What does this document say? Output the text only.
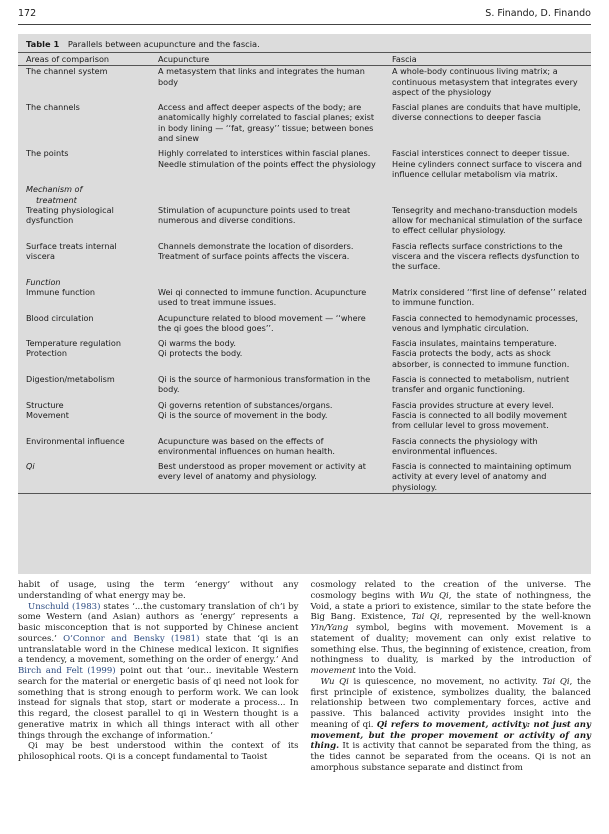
172	S. Finando, D. Finando
Table 1 Parallels between acupuncture and the fascia.
Areas of comparison	Acupuncture	Fascia
The channel system	A metasystem that links and integrates the human body	A whole-body continuous living matrix; a continuous metasystem that integrates every aspect of the physiology
The channels	Access and affect deeper aspects of the body; are anatomically highly correlated to fascial planes; exist in body lining — ‘‘fat, greasy’’ tissue; between bones and sinew	Fascial planes are conduits that have multiple, diverse connections to deeper fascia
The points	Highly correlated to interstices within fascial planes. Needle stimulation of the points effect the physiology	Fascial interstices connect to deeper tissue. Heine cylinders connect surface to viscera and influence cellular metabolism via matrix.
Mechanism of
treatment		

Treating physiological dysfunction	Stimulation of acupuncture points used to treat numerous and diverse conditions.	Tensegrity and mechano-transduction models allow for mechanical stimulation of the surface to effect cellular physiology.
Surface treats internal viscera	Channels demonstrate the location of disorders. Treatment of surface points affects the viscera.	Fascia reflects surface constrictions to the viscera and the viscera reflects dysfunction to the surface.
Function		
Immune function	Wei qi connected to immune function. Acupuncture used to treat immune issues.	Matrix considered ‘‘first line of defense’’ related to immune function.
Blood circulation	Acupuncture related to blood movement — ‘‘where the qi goes the blood goes’’.	Fascia connected to hemodynamic processes, venous and lymphatic circulation.
Temperature regulation	Qi warms the body.	Fascia insulates, maintains temperature.
Protection	Qi protects the body.	Fascia protects the body, acts as shock absorber, is connected to immune function.
Digestion/metabolism	Qi is the source of harmonious transformation in the body.	Fascia is connected to metabolism, nutrient transfer and organic functioning.
Structure	Qi governs retention of substances/organs.	Fascia provides structure at every level.
Movement	Qi is the source of movement in the body.	Fascia is connected to all bodily movement from cellular level to gross movement.
Environmental influence	Acupuncture was based on the effects of environmental influences on human health.	Fascia connects the physiology with environmental influences.
Qi	Best understood as proper movement or activity at every level of anatomy and physiology.	Fascia is connected to maintaining optimum activity at every level of anatomy and physiology.

habit of usage, using the term ‘energy’ without any understanding of what energy may be.

Unschuld (1983) states ‘...the customary translation of ch’i by some Western (and Asian) authors as ‘energy’ represents a basic misconception that is not supported by Chinese ancient sources.’ O’Connor and Bensky (1981) state that ‘qi is an untranslatable word in the Chinese medical lexicon. It signifies a tendency, a movement, something on the order of energy.’ And Birch and Felt (1999) point out that ‘our... inevitable Western search for the material or energetic basis of qi need not look for something that is strong enough to perform work. We can look instead for signals that stop, start or moderate a process... In this regard, the closest parallel to qi in Western thought is a generative matrix in which all things interact with all other things through the exchange of information.’

Qi may be best understood within the context of its philosophical roots. Qi is a concept fundamental to Taoist

cosmology related to the creation of the universe. The cosmology begins with Wu Qi, the state of nothingness, the Void, a state a priori to existence, similar to the state before the Big Bang. Existence, Tai Qi, represented by the well-known Yin/Yang symbol, begins with movement. Movement is a statement of duality; movement can only exist relative to something else. Thus, the beginning of existence, creation, from nothingness to duality, is marked by the introduction of movement into the Void.

Wu Qi is quiescence, no movement, no activity. Tai Qi, the first principle of existence, symbolizes duality, the balanced relationship between two complementary forces, active and passive. This balanced activity provides insight into the meaning of qi. Qi refers to movement, activity: not just any movement, but the proper movement or activity of any thing. It is activity that cannot be separated from the thing, as the tides cannot be separated from the oceans. Qi is not an amorphous substance separate and distinct from
